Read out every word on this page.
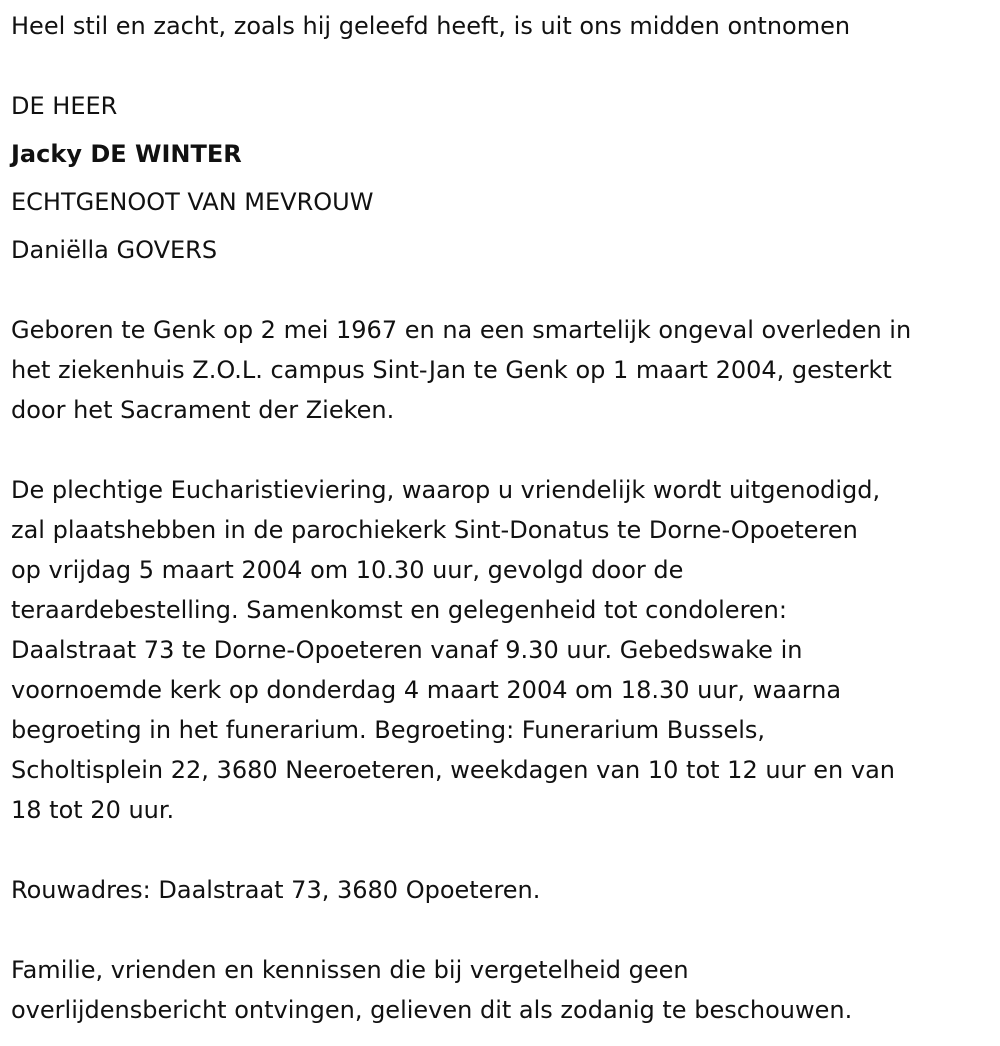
Heel stil en zacht, zoals hij geleefd heeft, is uit ons midden ontnomen

DE HEER

Jacky DE WINTER

ECHTGENOOT VAN MEVROUW

Daniëlla GOVERS

Geboren te Genk op 2 mei 1967 en na een smartelijk ongeval overleden in
het ziekenhuis Z.O.L. campus Sint-Jan te Genk op 1 maart 2004, gesterkt
door het Sacrament der Zieken.

De plechtige Eucharistieviering, waarop u vriendelijk wordt uitgenodigd,
zal plaatshebben in de parochiekerk Sint-Donatus te Dorne-Opoeteren
op vrijdag 5 maart 2004 om 10.30 uur, gevolgd door de
teraardebestelling. Samenkomst en gelegenheid tot condoleren:
Daalstraat 73 te Dorne-Opoeteren vanaf 9.30 uur. Gebedswake in
voornoemde kerk op donderdag 4 maart 2004 om 18.30 uur, waarna
begroeting in het funerarium. Begroeting: Funerarium Bussels,
Scholtisplein 22, 3680 Neeroeteren, weekdagen van 10 tot 12 uur en van
18 tot 20 uur.

Rouwadres: Daalstraat 73, 3680 Opoeteren.

Familie, vrienden en kennissen die bij vergetelheid geen
overlijdensbericht ontvingen, gelieven dit als zodanig te beschouwen.
